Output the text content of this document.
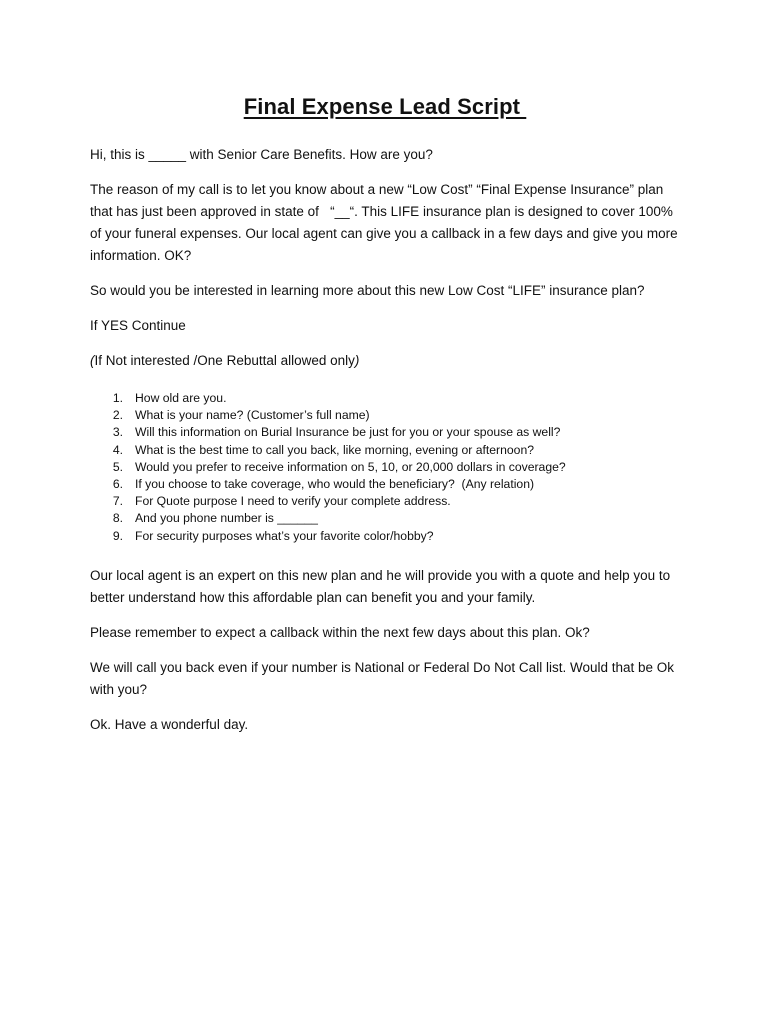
Final Expense Lead Script

Hi, this is _____ with Senior Care Benefits. How are you?

The reason of my call is to let you know about a new “Low Cost” “Final Expense Insurance” plan that has just been approved in state of   “__“. This LIFE insurance plan is designed to cover 100% of your funeral expenses. Our local agent can give you a callback in a few days and give you more information. OK?

So would you be interested in learning more about this new Low Cost “LIFE” insurance plan?

If YES Continue

(If Not interested /One Rebuttal allowed only)

1. How old are you.
2. What is your name? (Customer’s full name)
3. Will this information on Burial Insurance be just for you or your spouse as well?
4. What is the best time to call you back, like morning, evening or afternoon?
5. Would you prefer to receive information on 5, 10, or 20,000 dollars in coverage?
6. If you choose to take coverage, who would the beneficiary?  (Any relation)
7. For Quote purpose I need to verify your complete address.
8. And you phone number is ______
9. For security purposes what’s your favorite color/hobby?

Our local agent is an expert on this new plan and he will provide you with a quote and help you to better understand how this affordable plan can benefit you and your family.

Please remember to expect a callback within the next few days about this plan. Ok?

We will call you back even if your number is National or Federal Do Not Call list. Would that be Ok with you?

Ok. Have a wonderful day.
